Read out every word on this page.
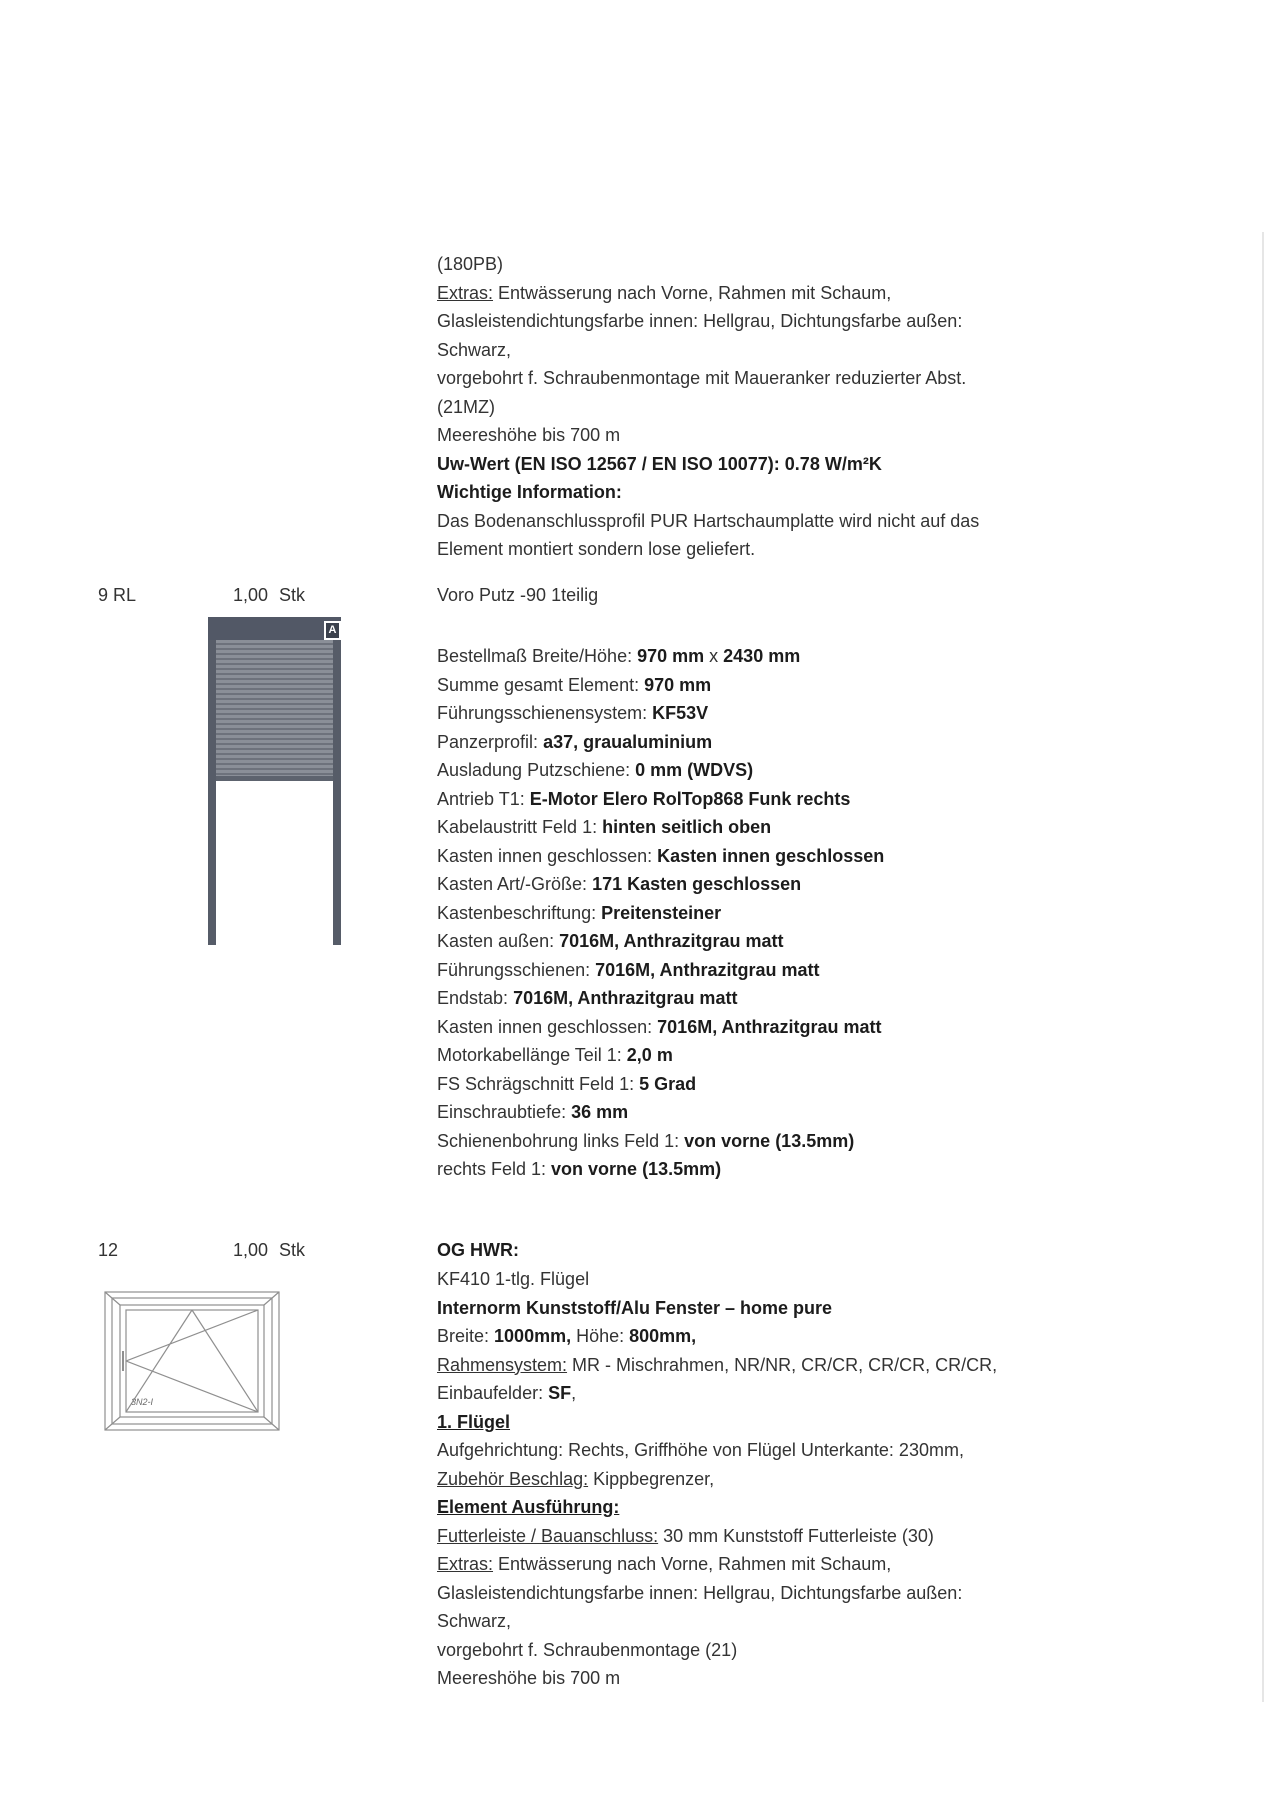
(180PB)
Extras: Entwässerung nach Vorne, Rahmen mit Schaum,
Glasleistendichtungsfarbe innen: Hellgrau, Dichtungsfarbe außen:
Schwarz,
vorgebohrt f. Schraubenmontage mit Maueranker reduzierter Abst.
(21MZ)
Meereshöhe bis 700 m
Uw-Wert (EN ISO 12567 / EN ISO 10077): 0.78 W/m²K
Wichtige Information:
Das Bodenanschlussprofil PUR Hartschaumplatte wird nicht auf das
Element montiert sondern lose geliefert.
9 RL	1,00 Stk	Voro Putz -90 1teilig
A
Bestellmaß Breite/Höhe: 970 mm x 2430 mm
Summe gesamt Element: 970 mm
Führungsschienensystem: KF53V
Panzerprofil: a37, graualuminium
Ausladung Putzschiene: 0 mm (WDVS)
Antrieb T1: E-Motor Elero RolTop868 Funk rechts
Kabelaustritt Feld 1: hinten seitlich oben
Kasten innen geschlossen: Kasten innen geschlossen
Kasten Art/-Größe: 171 Kasten geschlossen
Kastenbeschriftung: Preitensteiner
Kasten außen: 7016M, Anthrazitgrau matt
Führungsschienen: 7016M, Anthrazitgrau matt
Endstab: 7016M, Anthrazitgrau matt
Kasten innen geschlossen: 7016M, Anthrazitgrau matt
Motorkabellänge Teil 1: 2,0 m
FS Schrägschnitt Feld 1: 5 Grad
Einschraubtiefe: 36 mm
Schienenbohrung links Feld 1: von vorne (13.5mm)
rechts Feld 1: von vorne (13.5mm)
12	1,00 Stk	OG HWR:
3N2-I
KF410 1-tlg. Flügel
Internorm Kunststoff/Alu Fenster – home pure
Breite: 1000mm, Höhe: 800mm,
Rahmensystem: MR - Mischrahmen, NR/NR, CR/CR, CR/CR, CR/CR,
Einbaufelder: SF,
1. Flügel
Aufgehrichtung: Rechts, Griffhöhe von Flügel Unterkante: 230mm,
Zubehör Beschlag: Kippbegrenzer,
Element Ausführung:
Futterleiste / Bauanschluss: 30 mm Kunststoff Futterleiste (30)
Extras: Entwässerung nach Vorne, Rahmen mit Schaum,
Glasleistendichtungsfarbe innen: Hellgrau, Dichtungsfarbe außen:
Schwarz,
vorgebohrt f. Schraubenmontage (21)
Meereshöhe bis 700 m
